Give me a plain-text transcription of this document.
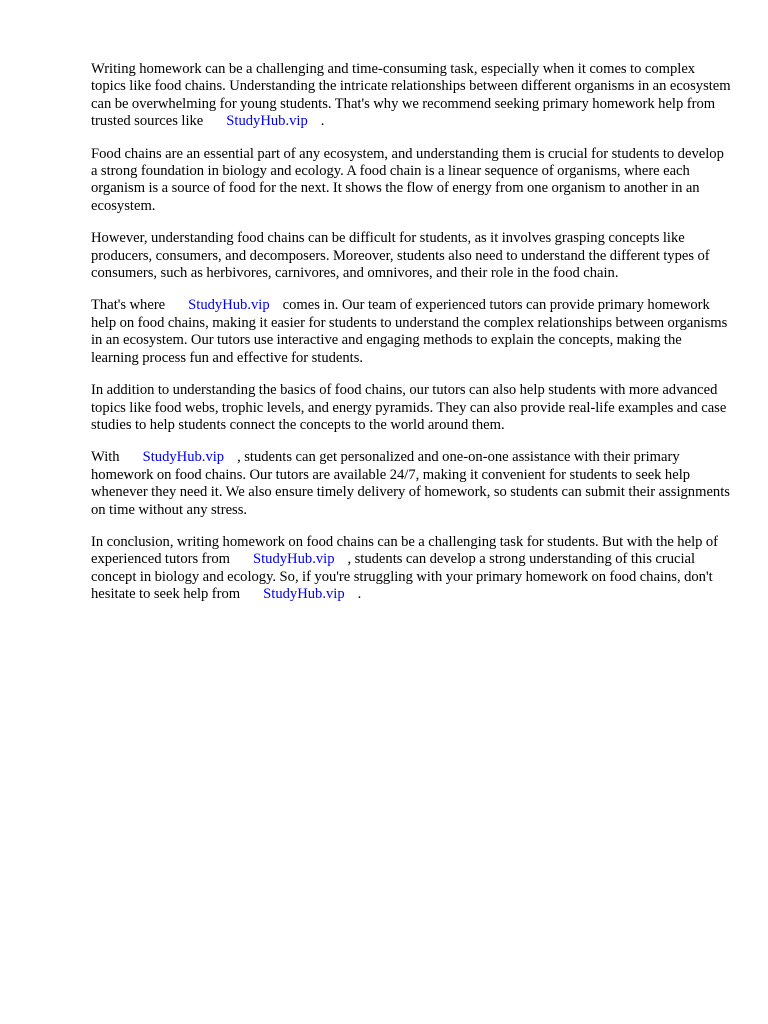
Writing homework can be a challenging and time-consuming task, especially when it comes to complex topics like food chains. Understanding the intricate relationships between different organisms in an ecosystem can be overwhelming for young students. That's why we recommend seeking primary homework help from trusted sources like StudyHub.vip .

Food chains are an essential part of any ecosystem, and understanding them is crucial for students to develop a strong foundation in biology and ecology. A food chain is a linear sequence of organisms, where each organism is a source of food for the next. It shows the flow of energy from one organism to another in an ecosystem.

However, understanding food chains can be difficult for students, as it involves grasping concepts like producers, consumers, and decomposers. Moreover, students also need to understand the different types of consumers, such as herbivores, carnivores, and omnivores, and their role in the food chain.

That's where StudyHub.vip comes in. Our team of experienced tutors can provide primary homework help on food chains, making it easier for students to understand the complex relationships between organisms in an ecosystem. Our tutors use interactive and engaging methods to explain the concepts, making the learning process fun and effective for students.

In addition to understanding the basics of food chains, our tutors can also help students with more advanced topics like food webs, trophic levels, and energy pyramids. They can also provide real-life examples and case studies to help students connect the concepts to the world around them.

With StudyHub.vip , students can get personalized and one-on-one assistance with their primary homework on food chains. Our tutors are available 24/7, making it convenient for students to seek help whenever they need it. We also ensure timely delivery of homework, so students can submit their assignments on time without any stress.

In conclusion, writing homework on food chains can be a challenging task for students. But with the help of experienced tutors from StudyHub.vip , students can develop a strong understanding of this crucial concept in biology and ecology. So, if you're struggling with your primary homework on food chains, don't hesitate to seek help from StudyHub.vip .
